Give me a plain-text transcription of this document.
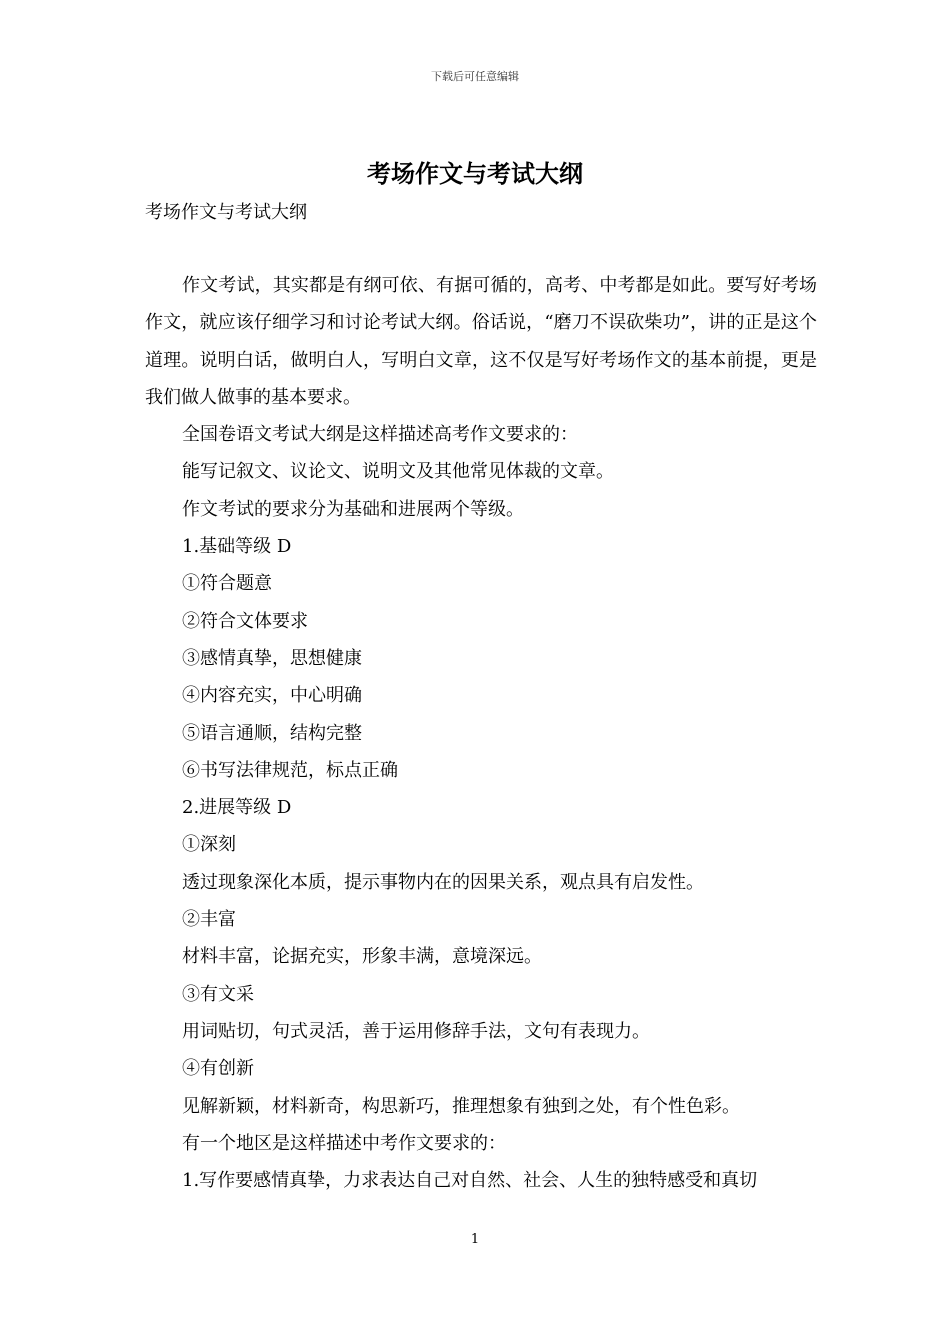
下载后可任意编辑
考场作文与考试大纲
考场作文与考试大纲

作文考试，其实都是有纲可依、有据可循的，高考、中考都是如此。要写好考场作文，就应该仔细学习和讨论考试大纲。俗话说，“磨刀不误砍柴功”，讲的正是这个道理。说明白话，做明白人，写明白文章，这不仅是写好考场作文的基本前提，更是我们做人做事的基本要求。

全国卷语文考试大纲是这样描述高考作文要求的：

能写记叙文、议论文、说明文及其他常见体裁的文章。

作文考试的要求分为基础和进展两个等级。

1.基础等级 D

①符合题意

②符合文体要求

③感情真挚，思想健康

④内容充实，中心明确

⑤语言通顺，结构完整

⑥书写法律规范，标点正确

2.进展等级 D

①深刻

透过现象深化本质，提示事物内在的因果关系，观点具有启发性。

②丰富

材料丰富，论据充实，形象丰满，意境深远。

③有文采

用词贴切，句式灵活，善于运用修辞手法，文句有表现力。

④有创新

见解新颖，材料新奇，构思新巧，推理想象有独到之处，有个性色彩。

有一个地区是这样描述中考作文要求的：

1.写作要感情真挚，力求表达自己对自然、社会、人生的独特感受和真切

1
